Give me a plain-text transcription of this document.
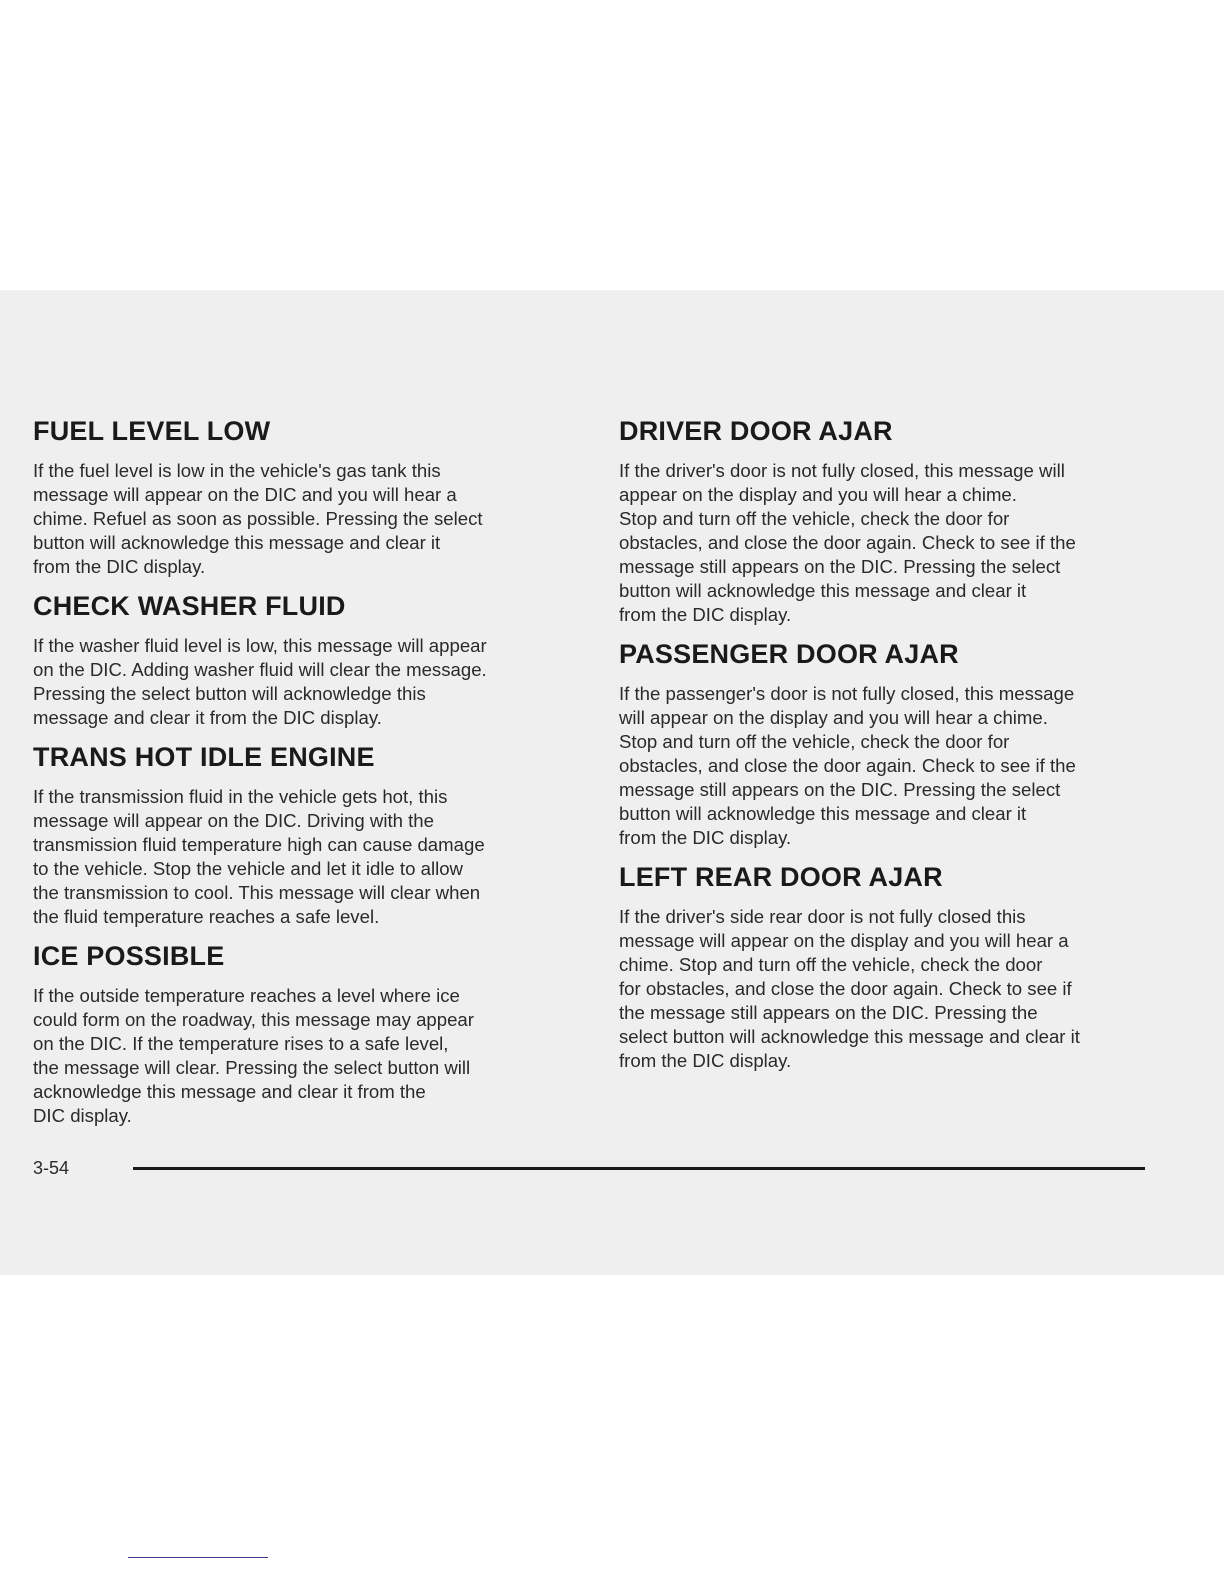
FUEL LEVEL LOW

If the fuel level is low in the vehicle's gas tank this
message will appear on the DIC and you will hear a
chime. Refuel as soon as possible. Pressing the select
button will acknowledge this message and clear it
from the DIC display.

CHECK WASHER FLUID

If the washer fluid level is low, this message will appear
on the DIC. Adding washer fluid will clear the message.
Pressing the select button will acknowledge this
message and clear it from the DIC display.

TRANS HOT IDLE ENGINE

If the transmission fluid in the vehicle gets hot, this
message will appear on the DIC. Driving with the
transmission fluid temperature high can cause damage
to the vehicle. Stop the vehicle and let it idle to allow
the transmission to cool. This message will clear when
the fluid temperature reaches a safe level.

ICE POSSIBLE

If the outside temperature reaches a level where ice
could form on the roadway, this message may appear
on the DIC. If the temperature rises to a safe level,
the message will clear. Pressing the select button will
acknowledge this message and clear it from the
DIC display.

DRIVER DOOR AJAR

If the driver's door is not fully closed, this message will
appear on the display and you will hear a chime.
Stop and turn off the vehicle, check the door for
obstacles, and close the door again. Check to see if the
message still appears on the DIC. Pressing the select
button will acknowledge this message and clear it
from the DIC display.

PASSENGER DOOR AJAR

If the passenger's door is not fully closed, this message
will appear on the display and you will hear a chime.
Stop and turn off the vehicle, check the door for
obstacles, and close the door again. Check to see if the
message still appears on the DIC. Pressing the select
button will acknowledge this message and clear it
from the DIC display.

LEFT REAR DOOR AJAR

If the driver's side rear door is not fully closed this
message will appear on the display and you will hear a
chime. Stop and turn off the vehicle, check the door
for obstacles, and close the door again. Check to see if
the message still appears on the DIC. Pressing the
select button will acknowledge this message and clear it
from the DIC display.

3-54
